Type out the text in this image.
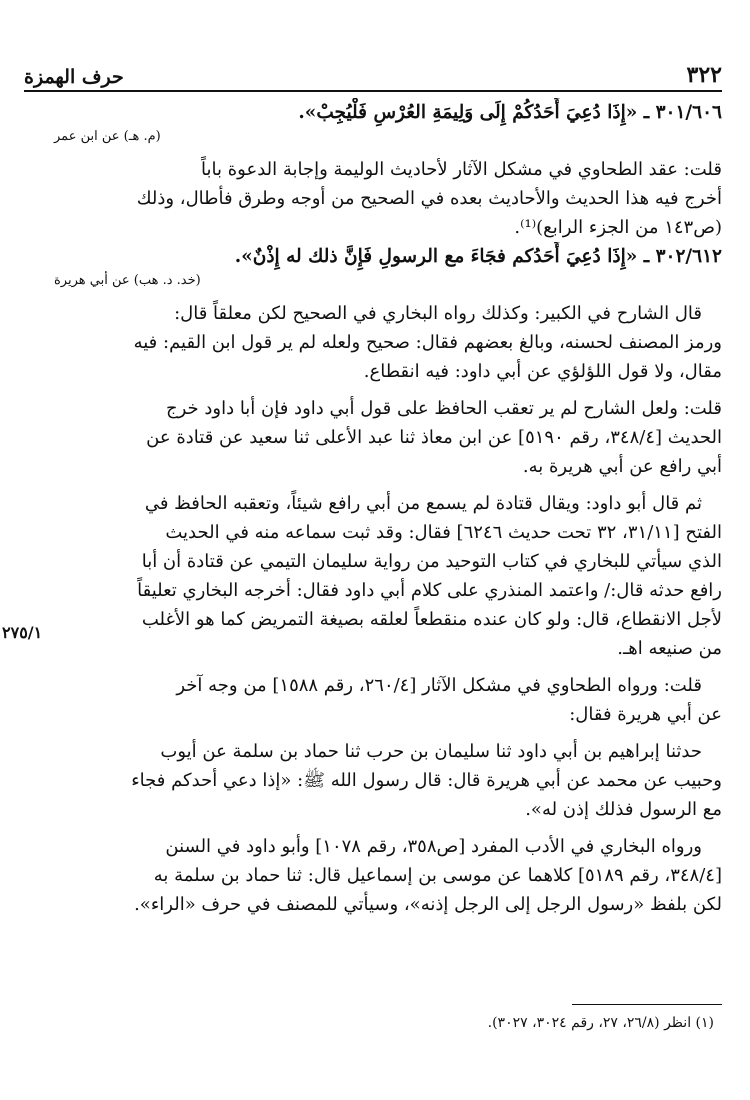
٣٢٢
حرف الهمزة
٣٠١/٦٠٦ ـ «إِذَا دُعِيَ أَحَدُكُمْ إِلَى وَلِيمَةِ العُرْسِ فَلْيُجِبْ».
(م. هـ) عن ابن عمر
قلت: عقد الطحاوي في مشكل الآثار لأحاديث الوليمة وإجابة الدعوة باباً
أخرج فيه هذا الحديث والأحاديث بعده في الصحيح من أوجه وطرق فأطال، وذلك
(ص١٤٣ من الجزء الرابع)⁽¹⁾.
٣٠٢/٦١٢ ـ «إِذَا دُعِيَ أَحَدُكم فجَاءَ مع الرسولِ فَإِنَّ ذلك له إِذْنٌ».
(خد. د. هب) عن أبي هريرة
قال الشارح في الكبير: وكذلك رواه البخاري في الصحيح لكن معلقاً قال:
ورمز المصنف لحسنه، وبالغ بعضهم فقال: صحيح ولعله لم ير قول ابن القيم: فيه
مقال، ولا قول اللؤلؤي عن أبي داود: فيه انقطاع.
قلت: ولعل الشارح لم ير تعقب الحافظ على قول أبي داود فإن أبا داود خرج
الحديث [٣٤٨/٤، رقم ٥١٩٠] عن ابن معاذ ثنا عبد الأعلى ثنا سعيد عن قتادة عن
أبي رافع عن أبي هريرة به.
ثم قال أبو داود: ويقال قتادة لم يسمع من أبي رافع شيئاً، وتعقبه الحافظ في
الفتح [٣١/١١، ٣٢ تحت حديث ٦٢٤٦] فقال: وقد ثبت سماعه منه في الحديث
الذي سيأتي للبخاري في كتاب التوحيد من رواية سليمان التيمي عن قتادة أن أبا
رافع حدثه قال:/ واعتمد المنذري على كلام أبي داود فقال: أخرجه البخاري تعليقاً
لأجل الانقطاع، قال: ولو كان عنده منقطعاً لعلقه بصيغة التمريض كما هو الأغلب
من صنيعه اهـ.
قلت: ورواه الطحاوي في مشكل الآثار [٢٦٠/٤، رقم ١٥٨٨] من وجه آخر
عن أبي هريرة فقال:
حدثنا إبراهيم بن أبي داود ثنا سليمان بن حرب ثنا حماد بن سلمة عن أيوب
وحبيب عن محمد عن أبي هريرة قال: قال رسول الله ﷺ: «إذا دعي أحدكم فجاء
مع الرسول فذلك إذن له».
ورواه البخاري في الأدب المفرد [ص٣٥٨، رقم ١٠٧٨] وأبو داود في السنن
[٣٤٨/٤، رقم ٥١٨٩] كلاهما عن موسى بن إسماعيل قال: ثنا حماد بن سلمة به
لكن بلفظ «رسول الرجل إلى الرجل إذنه»، وسيأتي للمصنف في حرف «الراء».
٢٧٥/١
(١) انظر (٢٦/٨، ٢٧، رقم ٣٠٢٤، ٣٠٢٧).
